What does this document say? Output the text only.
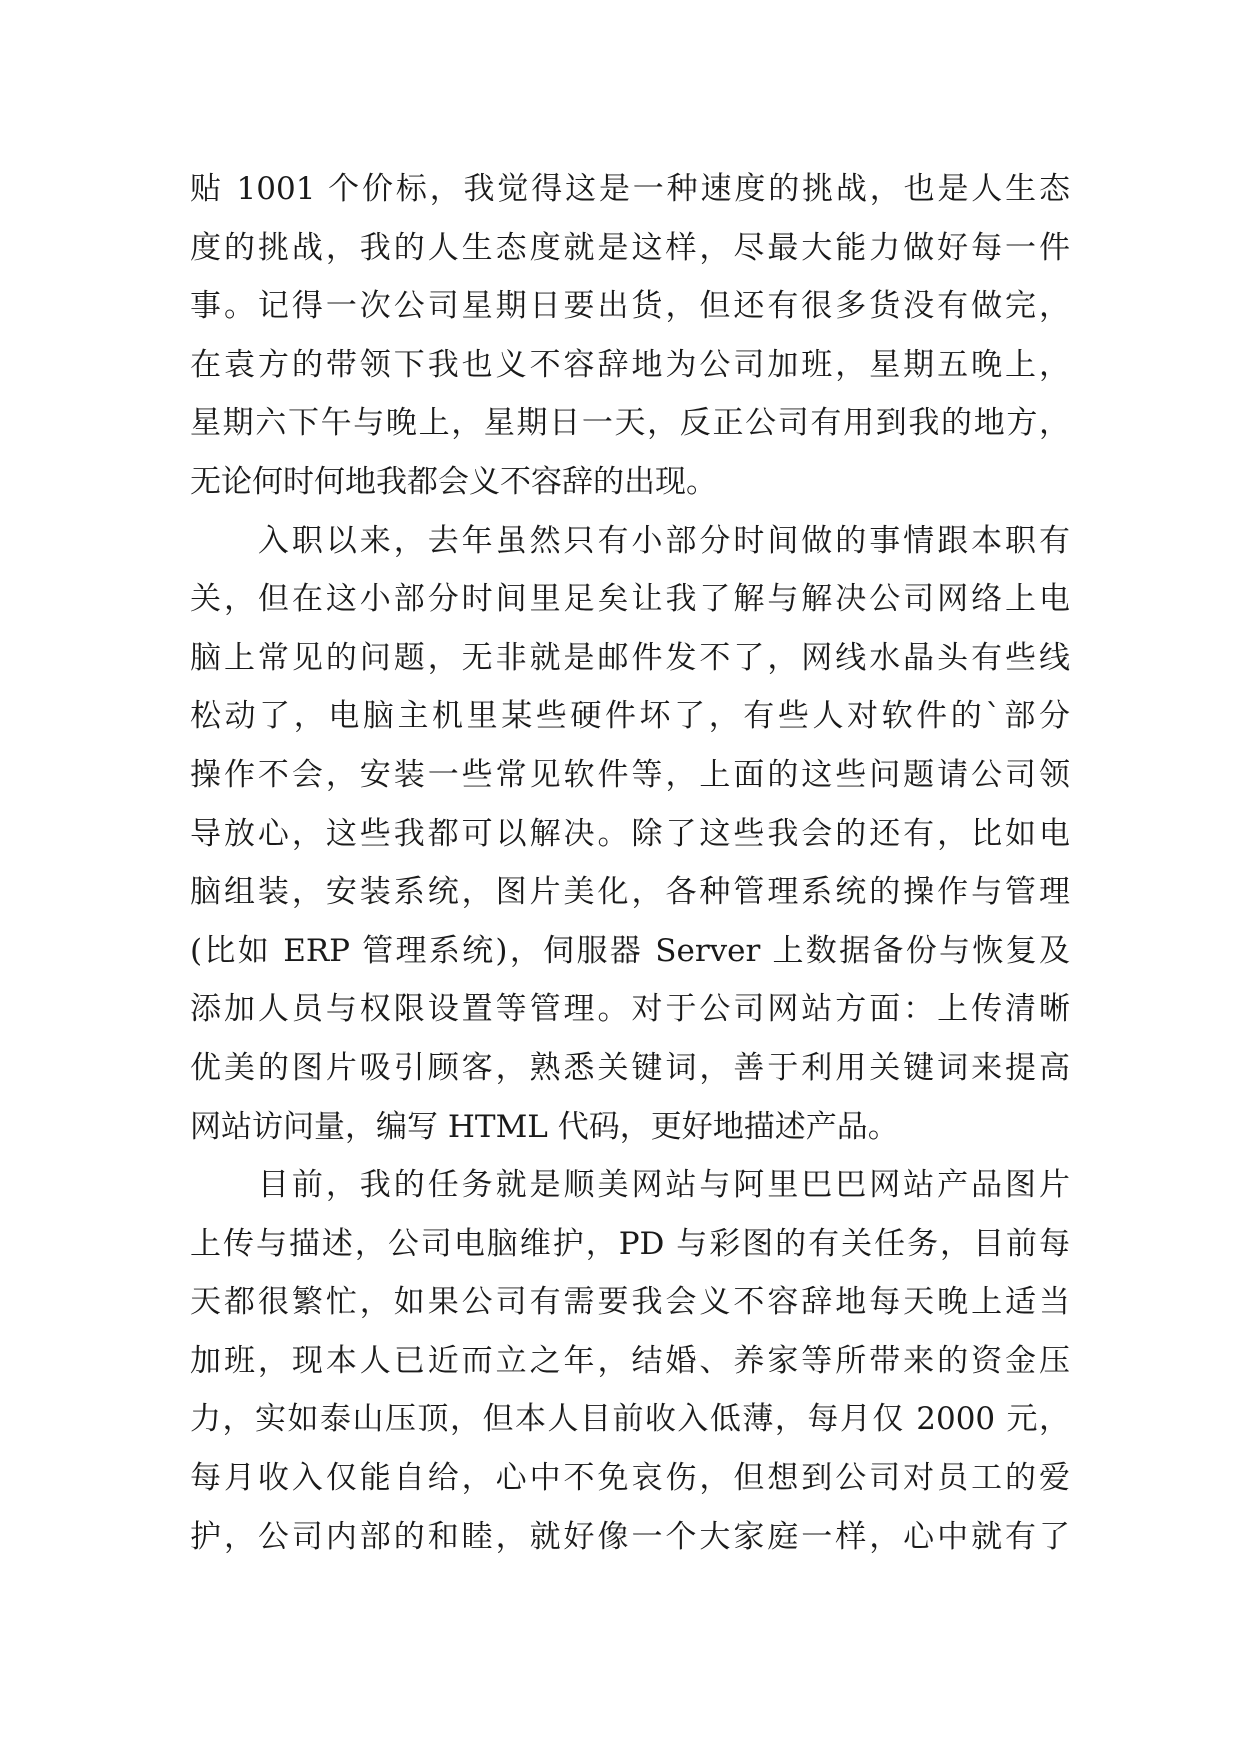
贴 1001 个价标，我觉得这是一种速度的挑战，也是人生态
度的挑战，我的人生态度就是这样，尽最大能力做好每一件
事。记得一次公司星期日要出货，但还有很多货没有做完，
在袁方的带领下我也义不容辞地为公司加班，星期五晚上，
星期六下午与晚上，星期日一天，反正公司有用到我的地方，
无论何时何地我都会义不容辞的出现。
　　入职以来，去年虽然只有小部分时间做的事情跟本职有
关，但在这小部分时间里足矣让我了解与解决公司网络上电
脑上常见的问题，无非就是邮件发不了，网线水晶头有些线
松动了，电脑主机里某些硬件坏了，有些人对软件的`部分
操作不会，安装一些常见软件等，上面的这些问题请公司领
导放心，这些我都可以解决。除了这些我会的还有，比如电
脑组装，安装系统，图片美化，各种管理系统的操作与管理
(比如 ERP 管理系统)，伺服器 Server 上数据备份与恢复及
添加人员与权限设置等管理。对于公司网站方面：上传清晰
优美的图片吸引顾客，熟悉关键词，善于利用关键词来提高
网站访问量，编写 HTML 代码，更好地描述产品。
　　目前，我的任务就是顺美网站与阿里巴巴网站产品图片
上传与描述，公司电脑维护，PD 与彩图的有关任务，目前每
天都很繁忙，如果公司有需要我会义不容辞地每天晚上适当
加班，现本人已近而立之年，结婚、养家等所带来的资金压
力，实如泰山压顶，但本人目前收入低薄，每月仅 2000 元，
每月收入仅能自给，心中不免哀伤，但想到公司对员工的爱
护，公司内部的和睦，就好像一个大家庭一样，心中就有了
